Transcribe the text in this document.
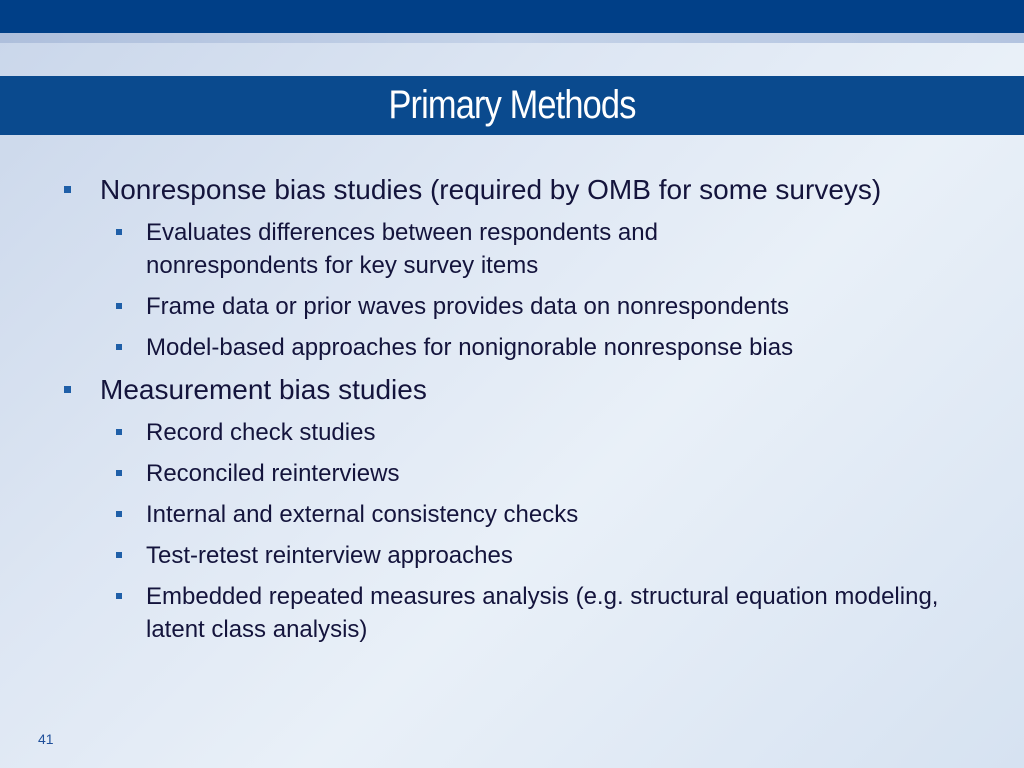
Primary Methods
Nonresponse bias studies (required by OMB for some surveys)
Evaluates differences between respondents and nonrespondents for key survey items
Frame data or prior waves provides data on nonrespondents
Model-based approaches for nonignorable nonresponse bias
Measurement bias studies
Record check studies
Reconciled reinterviews
Internal and external consistency checks
Test-retest reinterview approaches
Embedded repeated measures analysis (e.g. structural equation modeling, latent class analysis)
41
